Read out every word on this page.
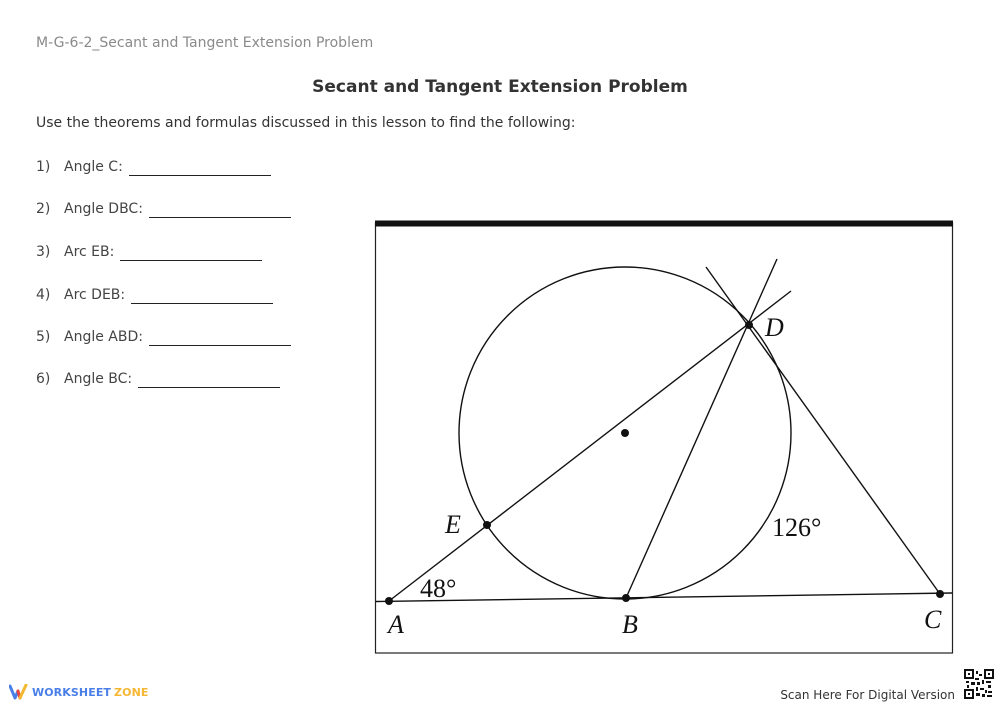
M-G-6-2_Secant and Tangent Extension Problem
Secant and Tangent Extension Problem
Use the theorems and formulas discussed in this lesson to find the following:
1) Angle C:

2) Angle DBC:

3) Arc EB:

4) Arc DEB:

5) Angle ABD:

6) Angle BC:

A	B	C
D
E
48°
126°
WORKSHEET ZONE	Scan Here For Digital Version
